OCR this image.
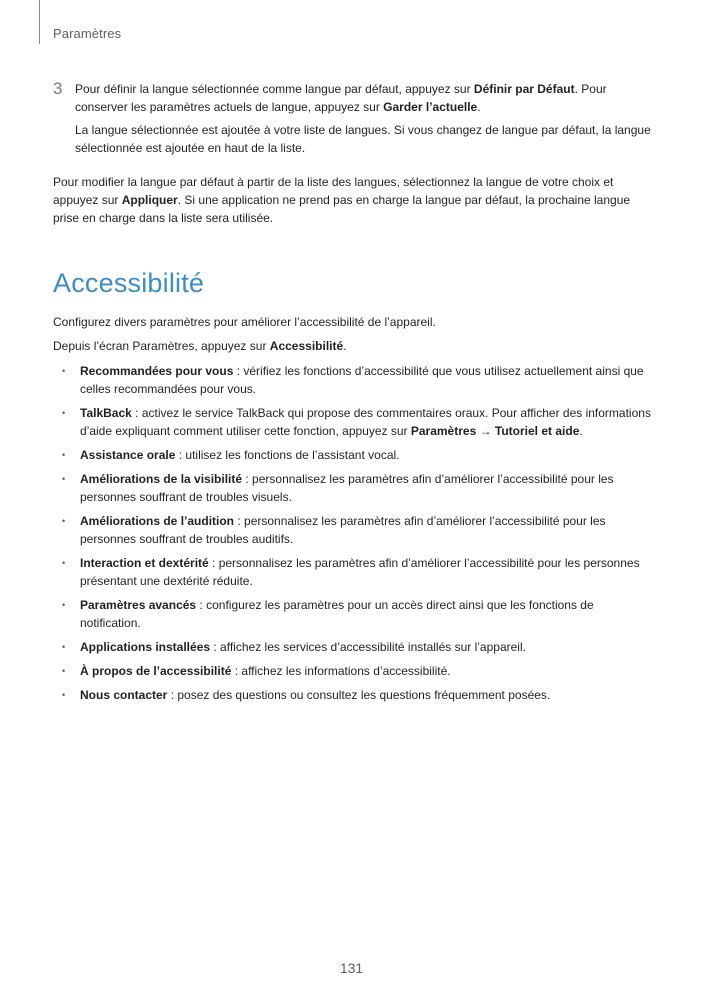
Paramètres
3 Pour définir la langue sélectionnée comme langue par défaut, appuyez sur Définir par Défaut. Pour conserver les paramètres actuels de langue, appuyez sur Garder l’actuelle.

La langue sélectionnée est ajoutée à votre liste de langues. Si vous changez de langue par défaut, la langue sélectionnée est ajoutée en haut de la liste.

Pour modifier la langue par défaut à partir de la liste des langues, sélectionnez la langue de votre choix et appuyez sur Appliquer. Si une application ne prend pas en charge la langue par défaut, la prochaine langue prise en charge dans la liste sera utilisée.

Accessibilité

Configurez divers paramètres pour améliorer l’accessibilité de l’appareil.

Depuis l’écran Paramètres, appuyez sur Accessibilité.

• Recommandées pour vous : vérifiez les fonctions d’accessibilité que vous utilisez actuellement ainsi que celles recommandées pour vous.
• TalkBack : activez le service TalkBack qui propose des commentaires oraux. Pour afficher des informations d’aide expliquant comment utiliser cette fonction, appuyez sur Paramètres → Tutoriel et aide.
• Assistance orale : utilisez les fonctions de l’assistant vocal.
• Améliorations de la visibilité : personnalisez les paramètres afin d’améliorer l’accessibilité pour les personnes souffrant de troubles visuels.
• Améliorations de l’audition : personnalisez les paramètres afin d’améliorer l’accessibilité pour les personnes souffrant de troubles auditifs.
• Interaction et dextérité : personnalisez les paramètres afin d’améliorer l’accessibilité pour les personnes présentant une dextérité réduite.
• Paramètres avancés : configurez les paramètres pour un accès direct ainsi que les fonctions de notification.
• Applications installées : affichez les services d’accessibilité installés sur l’appareil.
• À propos de l’accessibilité : affichez les informations d’accessibilité.
• Nous contacter : posez des questions ou consultez les questions fréquemment posées.
131
